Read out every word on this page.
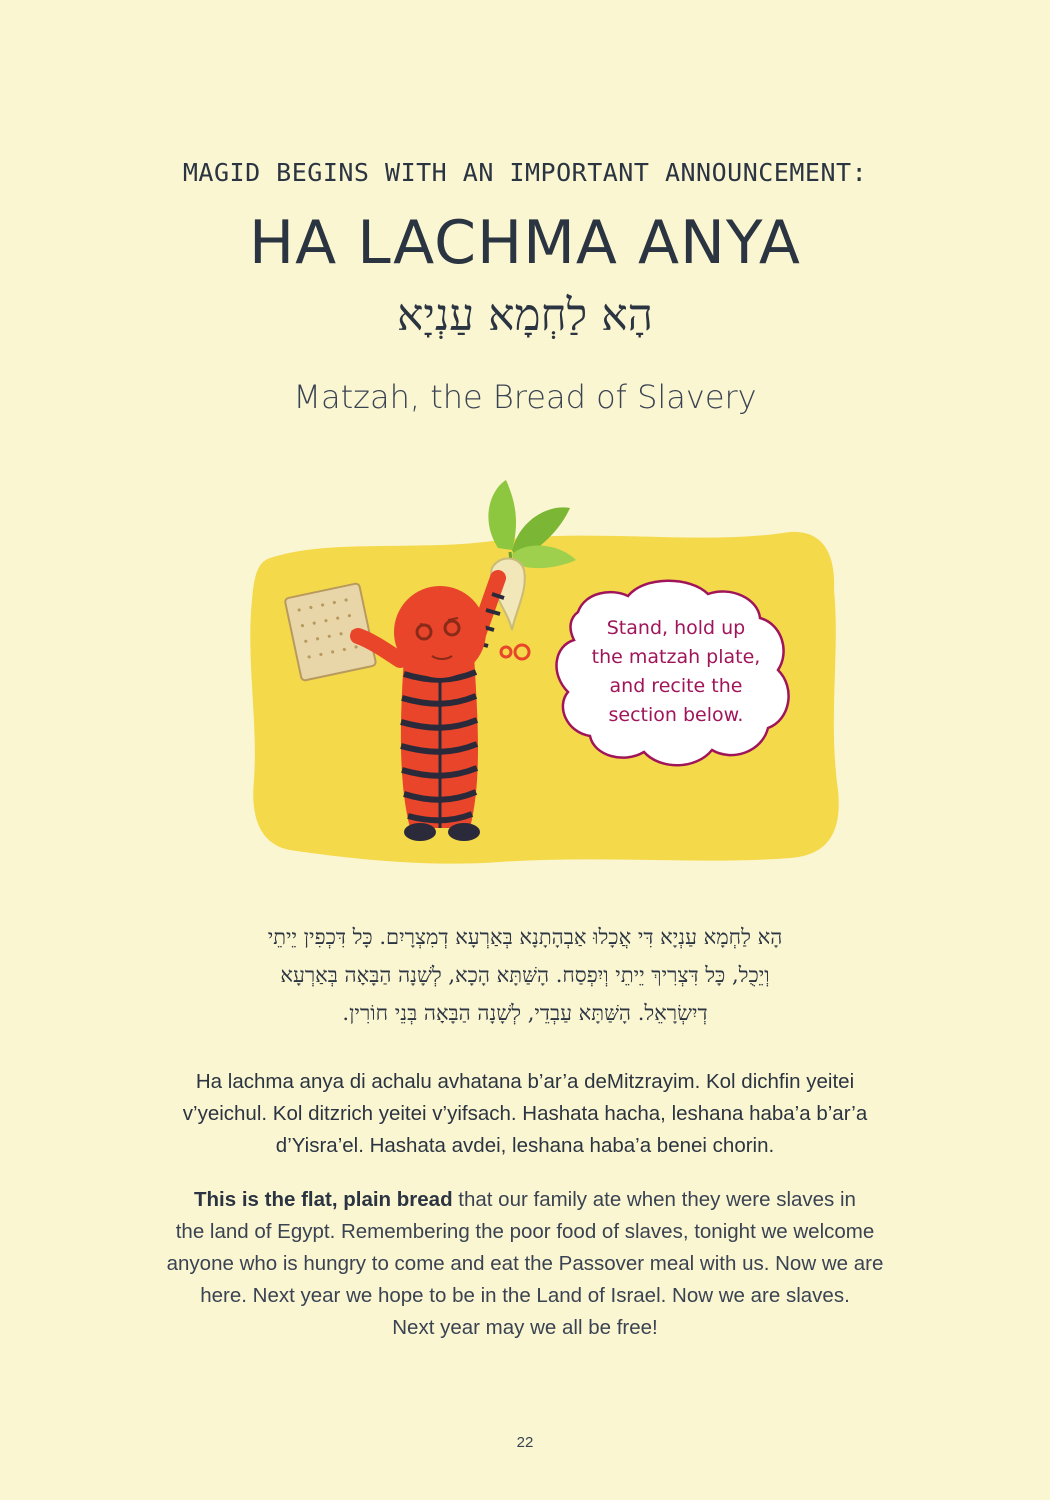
MAGID BEGINS WITH AN IMPORTANT ANNOUNCEMENT:
HA LACHMA ANYA
הָא לַחְמָא עַנְיָא
Matzah, the Bread of Slavery
Stand, hold up
the matzah plate,
and recite the
section below.
הָא לַחְמָא עַנְיָא דִּי אֲכָלוּ אַבְהָתָנָא בְּאַרְעָא דְמִצְרָיִם. כָּל דִּכְפִין יֵיתֵי
וְיֵכֻל, כָּל דִּצְרִיךְ יֵיתֵי וְיִפְסַח. הָשַּׁתָּא הָכָא, לְשָׁנָה הַבָּאָה בְּאַרְעָא
דְיִשְׂרָאֵל. הָשַּׁתָּא עַבְדֵי, לְשָׁנָה הַבָּאָה בְּנֵי חוֹרִין.
Ha lachma anya di achalu avhatana b’ar’a deMitzrayim. Kol dichfin yeitei
v’yeichul. Kol ditzrich yeitei v’yifsach. Hashata hacha, leshana haba’a b’ar’a
d’Yisra’el. Hashata avdei, leshana haba’a benei chorin.
This is the flat, plain bread that our family ate when they were slaves in
the land of Egypt. Remembering the poor food of slaves, tonight we welcome
anyone who is hungry to come and eat the Passover meal with us. Now we are
here. Next year we hope to be in the Land of Israel. Now we are slaves.
Next year may we all be free!
22
